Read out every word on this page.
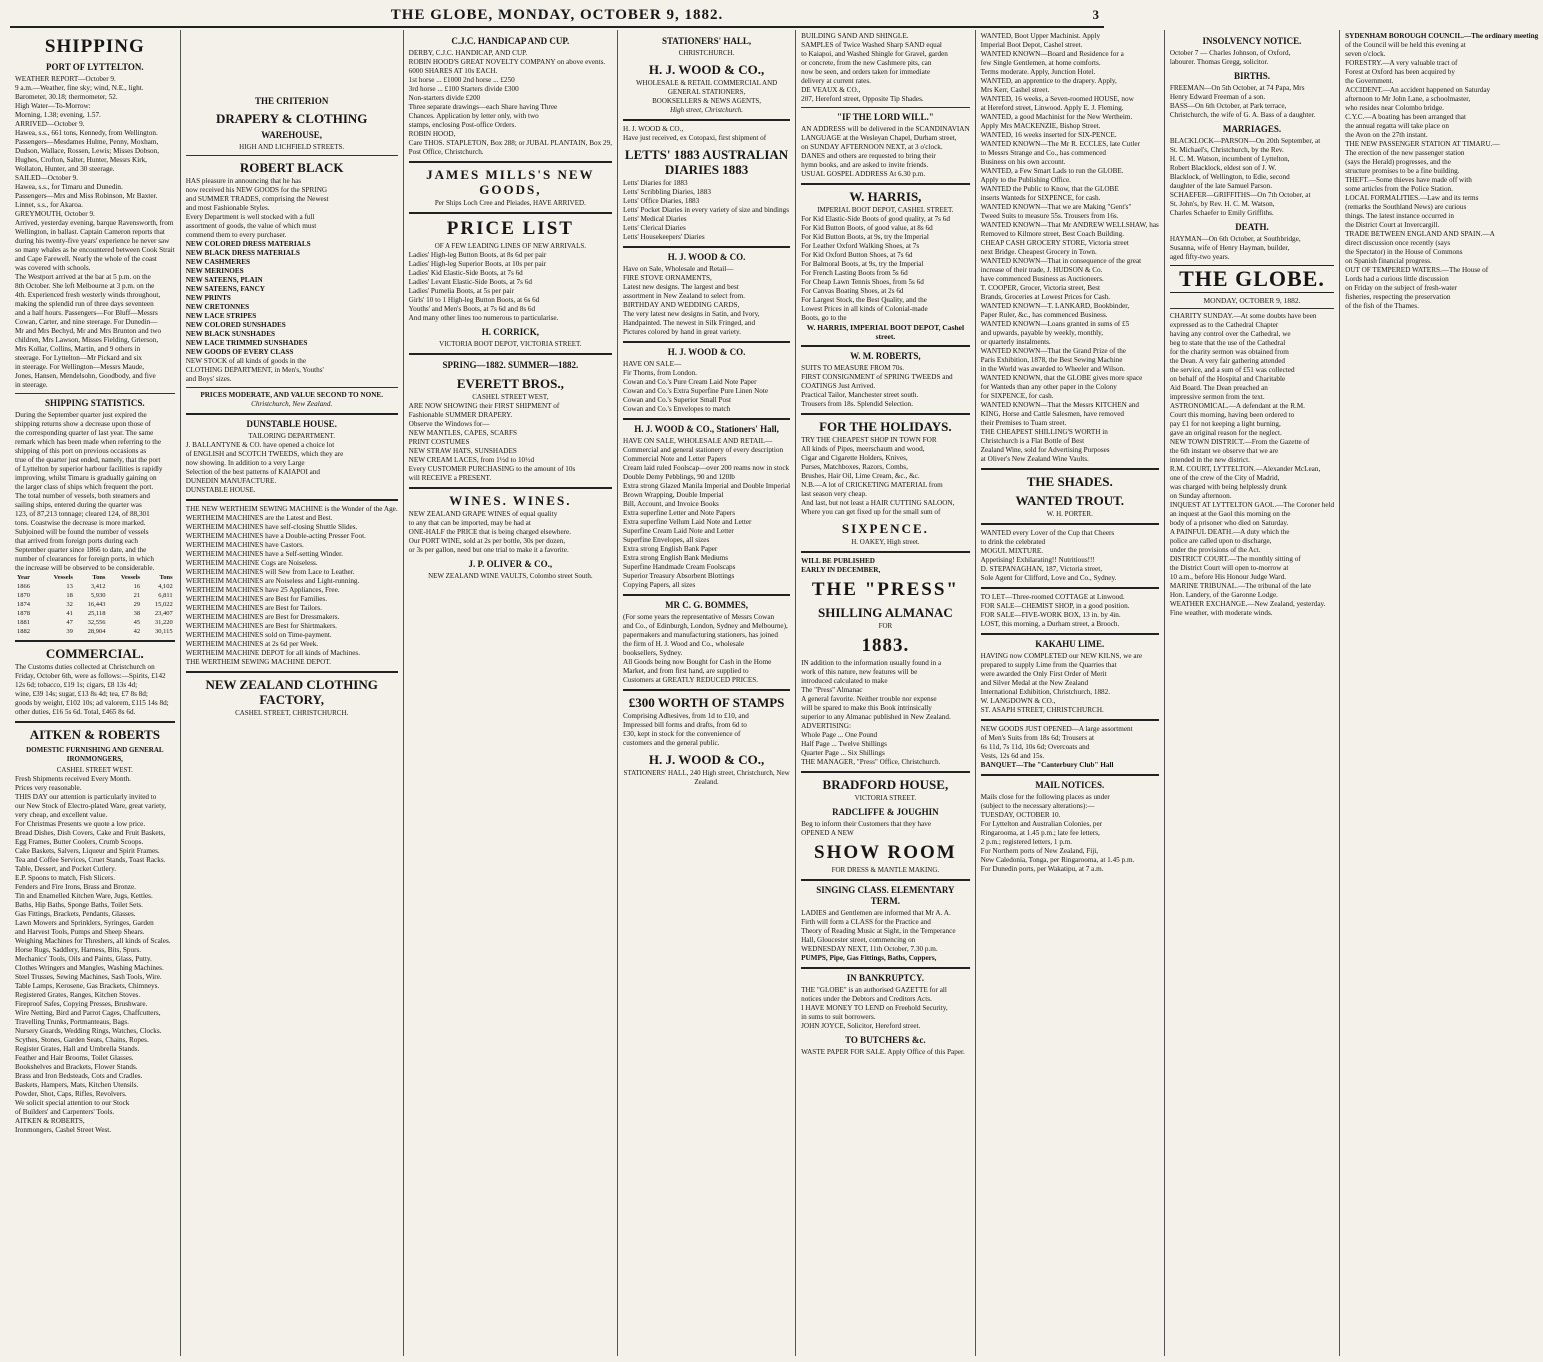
THE GLOBE, MONDAY, OCTOBER 9, 1882.	3
SHIPPING
PORT OF LYTTELTON.
WEATHER REPORT—October 9.
9 a.m.—Weather, fine sky; wind, N.E., light.
Barometer, 30.18; thermometer, 52.
High Water—To-Morrow:
Morning, 1.38; evening, 1.57.
ARRIVED—October 9.
Hawea, s.s., 661 tons, Kennedy, from Wellington.
Passengers—Mesdames Hulme, Penny, Moxham,
Dudson, Wallace, Rossen, Lewis; Misses Dobson,
Hughes, Crofton, Salter, Hunter, Messrs Kirk,
Wollaton, Hunter, and 30 steerage.
SAILED—October 9.
Hawea, s.s., for Timaru and Dunedin.
Passengers—Mrs and Miss Robinson, Mr Baxter.
Linnet, s.s., for Akaroa.
GREYMOUTH, October 9.
Arrived, yesterday evening, barque Ravensworth, from
Wellington, in ballast. Captain Cameron reports that
during his twenty-five years' experience he never saw
so many whales as he encountered between Cook Strait
and Cape Farewell. Nearly the whole of the coast
was covered with schools.
The Westport arrived at the bar at 5 p.m. on the
8th October. She left Melbourne at 3 p.m. on the
4th. Experienced fresh westerly winds throughout,
making the splendid run of three days seventeen
and a half hours. Passengers—For Bluff—Messrs
Cowan, Carter, and nine steerage. For Dunedin—
Mr and Mrs Bechyd, Mr and Mrs Brunton and two
children, Mrs Lawson, Misses Fielding, Grierson,
Mrs Kollar, Collins, Martin, and 9 others in
steerage. For Lyttelton—Mr Pickard and six
in steerage. For Wellington—Messrs Maude,
Jones, Hansen, Mendelsohn, Goodbody, and five
in steerage.
SHIPPING STATISTICS.
During the September quarter just expired the
shipping returns show a decrease upon those of
the corresponding quarter of last year. The same
remark which has been made when referring to the
shipping of this port on previous occasions as
true of the quarter just ended, namely, that the port
of Lyttelton by superior harbour facilities is rapidly
improving, whilst Timaru is gradually gaining on
the larger class of ships which frequent the port.
The total number of vessels, both steamers and
sailing ships, entered during the quarter was
123, of 87,213 tonnage; cleared 124, of 88,301
tons. Coastwise the decrease is more marked.
Subjoined will be found the number of vessels
that arrived from foreign ports during each
September quarter since 1866 to date, and the
number of clearances for foreign ports, in which
the increase will be observed to be considerable.
Year	Vessels	Tons	Vessels	Tons
1866	13	3,412	16	4,102
1870	18	5,930	21	6,811
1874	32	16,443	29	15,022
1878	41	25,118	38	23,407
1881	47	32,556	45	31,220
1882	39	28,904	42	30,115
COMMERCIAL.
The Customs duties collected at Christchurch on
Friday, October 6th, were as follows:—Spirits, £142
12s 6d; tobacco, £19 1s; cigars, £8 13s 4d;
wine, £39 14s; sugar, £13 8s 4d; tea, £7 8s 8d;
goods by weight, £102 10s; ad valorem, £115 14s 8d;
other duties, £16 5s 6d. Total, £465 8s 6d.
AITKEN & ROBERTS
DOMESTIC FURNISHING AND GENERAL IRONMONGERS,
CASHEL STREET WEST.
Fresh Shipments received Every Month.
Prices very reasonable.
THIS DAY our attention is particularly invited to
our New Stock of Electro-plated Ware, great variety,
very cheap, and excellent value.
For Christmas Presents we quote a low price.
Bread Dishes, Dish Covers, Cake and Fruit Baskets,
Egg Frames, Butter Coolers, Crumb Scoops.
Cake Baskets, Salvers, Liqueur and Spirit Frames.
Tea and Coffee Services, Cruet Stands, Toast Racks.
Table, Dessert, and Pocket Cutlery.
E.P. Spoons to match, Fish Slicers.
Fenders and Fire Irons, Brass and Bronze.
Tin and Enamelled Kitchen Ware, Jugs, Kettles.
Baths, Hip Baths, Sponge Baths, Toilet Sets.
Gas Fittings, Brackets, Pendants, Glasses.
Lawn Mowers and Sprinklers, Syringes, Garden
and Harvest Tools, Pumps and Sheep Shears.
Weighing Machines for Threshers, all kinds of Scales.
Horse Rugs, Saddlery, Harness, Bits, Spurs.
Mechanics' Tools, Oils and Paints, Glass, Putty.
Clothes Wringers and Mangles, Washing Machines.
Steel Trusses, Sewing Machines, Sash Tools, Wire.
Table Lamps, Kerosene, Gas Brackets, Chimneys.
Registered Grates, Ranges, Kitchen Stoves.
Fireproof Safes, Copying Presses, Brushware.
Wire Netting, Bird and Parrot Cages, Chaffcutters,
Travelling Trunks, Portmanteaus, Bags.
Nursery Guards, Wedding Rings, Watches, Clocks.
Scythes, Stones, Garden Seats, Chains, Ropes.
Register Grates, Hall and Umbrella Stands.
Feather and Hair Brooms, Toilet Glasses.
Bookshelves and Brackets, Flower Stands.
Brass and Iron Bedsteads, Cots and Cradles.
Baskets, Hampers, Mats, Kitchen Utensils.
Powder, Shot, Caps, Rifles, Revolvers.
We solicit special attention to our Stock
of Builders' and Carpenters' Tools.
AITKEN & ROBERTS,
Ironmongers, Cashel Street West.
THE CRITERION
DRAPERY & CLOTHING
WAREHOUSE,
HIGH AND LICHFIELD STREETS.
ROBERT BLACK
HAS pleasure in announcing that he has
now received his NEW GOODS for the SPRING
and SUMMER TRADES, comprising the Newest
and most Fashionable Styles.
Every Department is well stocked with a full
assortment of goods, the value of which must
commend them to every purchaser.
NEW COLORED DRESS MATERIALS
NEW BLACK DRESS MATERIALS
NEW CASHMERES
NEW MERINOES
NEW SATEENS, PLAIN
NEW SATEENS, FANCY
NEW PRINTS
NEW CRETONNES
NEW LACE STRIPES
NEW COLORED SUNSHADES
NEW BLACK SUNSHADES
NEW LACE TRIMMED SUNSHADES
NEW GOODS OF EVERY CLASS
NEW STOCK of all kinds of goods in the
CLOTHING DEPARTMENT, in Men's, Youths'
and Boys' sizes.
PRICES MODERATE, AND VALUE SECOND TO NONE.
Christchurch, New Zealand.
DUNSTABLE HOUSE.
TAILORING DEPARTMENT.
J. BALLANTYNE & CO. have opened a choice lot
of ENGLISH and SCOTCH TWEEDS, which they are
now showing. In addition to a very Large
Selection of the best patterns of KAIAPOI and
DUNEDIN MANUFACTURE.
DUNSTABLE HOUSE.
THE NEW WERTHEIM SEWING MACHINE is the Wonder of the Age.
WERTHEIM MACHINES are the Latest and Best.
WERTHEIM MACHINES have self-closing Shuttle Slides.
WERTHEIM MACHINES have a Double-acting Presser Foot.
WERTHEIM MACHINES have Castors.
WERTHEIM MACHINES have a Self-setting Winder.
WERTHEIM MACHINE Cogs are Noiseless.
WERTHEIM MACHINES will Sew from Lace to Leather.
WERTHEIM MACHINES are Noiseless and Light-running.
WERTHEIM MACHINES have 25 Appliances, Free.
WERTHEIM MACHINES are Best for Families.
WERTHEIM MACHINES are Best for Tailors.
WERTHEIM MACHINES are Best for Dressmakers.
WERTHEIM MACHINES are Best for Shirtmakers.
WERTHEIM MACHINES sold on Time-payment.
WERTHEIM MACHINES at 2s 6d per Week.
WERTHEIM MACHINE DEPOT for all kinds of Machines.
THE WERTHEIM SEWING MACHINE DEPOT.
NEW ZEALAND CLOTHING FACTORY,
CASHEL STREET, CHRISTCHURCH.
C.J.C. HANDICAP AND CUP.
DERBY, C.J.C. HANDICAP, AND CUP.
ROBIN HOOD'S GREAT NOVELTY COMPANY on above events.
6000 SHARES AT 10s EACH.
1st horse ... £1000 2nd horse ... £250
3rd horse ... £100 Starters divide £300
Non-starters divide £200
Three separate drawings—each Share having Three
Chances. Application by letter only, with two
stamps, enclosing Post-office Orders.
ROBIN HOOD,
Care THOS. STAPLETON, Box 288; or JUBAL PLANTAIN, Box 29,
Post Office, Christchurch.
JAMES MILLS'S NEW GOODS,
Per Ships Loch Cree and Pleiades, HAVE ARRIVED.
PRICE LIST
OF A FEW LEADING LINES OF NEW ARRIVALS.
Ladies' High-leg Button Boots, at 8s 6d per pair
Ladies' High-leg Superior Boots, at 10s per pair
Ladies' Kid Elastic-Side Boots, at 7s 6d
Ladies' Levant Elastic-Side Boots, at 7s 6d
Ladies' Pumelia Boots, at 5s per pair
Girls' 10 to 1 High-leg Button Boots, at 6s 6d
Youths' and Men's Boots, at 7s 6d and 8s 6d
And many other lines too numerous to particularise.
H. CORRICK,
VICTORIA BOOT DEPOT, VICTORIA STREET.
SPRING—1882. SUMMER—1882.
EVERETT BROS.,
CASHEL STREET WEST,
ARE NOW SHOWING their FIRST SHIPMENT of
Fashionable SUMMER DRAPERY.
Observe the Windows for—
NEW MANTLES, CAPES, SCARFS
PRINT COSTUMES
NEW STRAW HATS, SUNSHADES
NEW CREAM LACES, from 1½d to 10½d
Every CUSTOMER PURCHASING to the amount of 10s
will RECEIVE a PRESENT.
WINES. WINES.
NEW ZEALAND GRAPE WINES of equal quality
to any that can be imported, may be had at
ONE-HALF the PRICE that is being charged elsewhere.
Our PORT WINE, sold at 2s per bottle, 30s per dozen,
or 3s per gallon, need but one trial to make it a favorite.
J. P. OLIVER & CO.,
NEW ZEALAND WINE VAULTS, Colombo street South.
STATIONERS' HALL,
CHRISTCHURCH.
H. J. WOOD & CO.,
WHOLESALE & RETAIL COMMERCIAL AND GENERAL STATIONERS,
BOOKSELLERS & NEWS AGENTS,
High street, Christchurch.
H. J. WOOD & CO.,
Have just received, ex Cotopaxi, first shipment of
LETTS' 1883 AUSTRALIAN DIARIES 1883
Letts' Diaries for 1883
Letts' Scribbling Diaries, 1883
Letts' Office Diaries, 1883
Letts' Pocket Diaries in every variety of size and bindings
Letts' Medical Diaries
Letts' Clerical Diaries
Letts' Housekeepers' Diaries
H. J. WOOD & CO.
Have on Sale, Wholesale and Retail—
FIRE STOVE ORNAMENTS,
Latest new designs. The largest and best
assortment in New Zealand to select from.
BIRTHDAY AND WEDDING CARDS,
The very latest new designs in Satin, and Ivory,
Handpainted. The newest in Silk Fringed, and
Pictures colored by hand in great variety.
H. J. WOOD & CO.
HAVE ON SALE—
Fir Thorns, from London.
Cowan and Co.'s Pure Cream Laid Note Paper
Cowan and Co.'s Extra Superfine Pure Linen Note
Cowan and Co.'s Superior Small Post
Cowan and Co.'s Envelopes to match
H. J. WOOD & CO., Stationers' Hall,
HAVE ON SALE, WHOLESALE AND RETAIL—
Commercial and general stationery of every description
Commercial Note and Letter Papers
Cream laid ruled Foolscap—over 200 reams now in stock
Double Demy Pebblings, 90 and 120lb
Extra strong Glazed Manila Imperial and Double Imperial
Brown Wrapping, Double Imperial
Bill, Account, and Invoice Books
Extra superfine Letter and Note Papers
Extra superfine Vellum Laid Note and Letter
Superfine Cream Laid Note and Letter
Superfine Envelopes, all sizes
Extra strong English Bank Paper
Extra strong English Bank Mediums
Superfine Handmade Cream Foolscaps
Superior Treasury Absorbent Blottings
Copying Papers, all sizes
MR C. G. BOMMES,
(For some years the representative of Messrs Cowan
and Co., of Edinburgh, London, Sydney and Melbourne),
papermakers and manufacturing stationers, has joined
the firm of H. J. Wood and Co., wholesale
booksellers, Sydney.
All Goods being now Bought for Cash in the Home
Market, and from first hand, are supplied to
Customers at GREATLY REDUCED PRICES.
£300 WORTH OF STAMPS
Comprising Adhesives, from 1d to £10, and
Impressed bill forms and drafts, from 6d to
£30, kept in stock for the convenience of
customers and the general public.
H. J. WOOD & CO.,
STATIONERS' HALL, 240 High street, Christchurch, New Zealand.
BUILDING SAND AND SHINGLE.
SAMPLES of Twice Washed Sharp SAND equal
to Kaiapoi, and Washed Shingle for Gravel, garden
or concrete, from the new Cashmere pits, can
now be seen, and orders taken for immediate
delivery at current rates.
DE VEAUX & CO.,
207, Hereford street, Opposite Tip Shades.
"IF THE LORD WILL."
AN ADDRESS will be delivered in the SCANDINAVIAN
LANGUAGE at the Wesleyan Chapel, Durham street,
on SUNDAY AFTERNOON NEXT, at 3 o'clock.
DANES and others are requested to bring their
hymn books, and are asked to invite friends.
USUAL GOSPEL ADDRESS At 6.30 p.m.
W. HARRIS,
IMPERIAL BOOT DEPOT, CASHEL STREET.
For Kid Elastic-Side Boots of good quality, at 7s 6d
For Kid Button Boots, of good value, at 8s 6d
For Kid Button Boots, at 9s, try the Imperial
For Leather Oxford Walking Shoes, at 7s
For Kid Oxford Button Shoes, at 7s 6d
For Balmoral Boots, at 9s, try the Imperial
For French Lasting Boots from 5s 6d
For Cheap Lawn Tennis Shoes, from 5s 6d
For Canvas Boating Shoes, at 2s 6d
For Largest Stock, the Best Quality, and the
Lowest Prices in all kinds of Colonial-made
Boots, go to the
W. HARRIS, IMPERIAL BOOT DEPOT, Cashel street.
W. M. ROBERTS,
SUITS TO MEASURE FROM 70s.
FIRST CONSIGNMENT of SPRING TWEEDS and
COATINGS Just Arrived.
Practical Tailor, Manchester street south.
Trousers from 18s. Splendid Selection.
FOR THE HOLIDAYS.
TRY THE CHEAPEST SHOP IN TOWN FOR
All kinds of Pipes, meerschaum and wood,
Cigar and Cigarette Holders, Knives,
Purses, Matchboxes, Razors, Combs,
Brushes, Hair Oil, Lime Cream, &c., &c.
N.B.—A lot of CRICKETING MATERIAL from
last season very cheap.
And last, but not least a HAIR CUTTING SALOON,
Where you can get fixed up for the small sum of
SIXPENCE.
H. OAKEY, High street.
WILL BE PUBLISHED
EARLY IN DECEMBER,
THE "PRESS"
SHILLING ALMANAC
FOR
1883.
IN addition to the information usually found in a
work of this nature, new features will be
introduced calculated to make
The "Press" Almanac
A general favorite. Neither trouble nor expense
will be spared to make this Book intrinsically
superior to any Almanac published in New Zealand.
ADVERTISING:
Whole Page ... One Pound
Half Page ... Twelve Shillings
Quarter Page ... Six Shillings
THE MANAGER, "Press" Office, Christchurch.
BRADFORD HOUSE,
VICTORIA STREET.
RADCLIFFE & JOUGHIN
Beg to inform their Customers that they have
OPENED A NEW
SHOW ROOM
FOR DRESS & MANTLE MAKING.
SINGING CLASS. ELEMENTARY TERM.
LADIES and Gentlemen are informed that Mr A. A.
Firth will form a CLASS for the Practice and
Theory of Reading Music at Sight, in the Temperance
Hall, Gloucester street, commencing on
WEDNESDAY NEXT, 11th October, 7.30 p.m.
PUMPS, Pipe, Gas Fittings, Baths, Coppers,
IN BANKRUPTCY.
THE "GLOBE" is an authorised GAZETTE for all
notices under the Debtors and Creditors Acts.
I HAVE MONEY TO LEND on Freehold Security,
in sums to suit borrowers.
JOHN JOYCE, Solicitor, Hereford street.
TO BUTCHERS &c.
WASTE PAPER FOR SALE. Apply Office of this Paper.
WANTED, Boot Upper Machinist. Apply
Imperial Boot Depot, Cashel street.
WANTED KNOWN—Board and Residence for a
few Single Gentlemen, at home comforts.
Terms moderate. Apply, Junction Hotel.
WANTED, an apprentice to the drapery. Apply,
Mrs Kerr, Cashel street.
WANTED, 16 weeks, a Seven-roomed HOUSE, now
at Hereford street, Linwood. Apply E. J. Fleming.
WANTED, a good Machinist for the New Wertheim.
Apply Mrs MACKENZIE, Bishop Street.
WANTED, 16 weeks inserted for SIX-PENCE.
WANTED KNOWN—The Mr R. ECCLES, late Cutler
to Messrs Strange and Co., has commenced
Business on his own account.
WANTED, a Few Smart Lads to run the GLOBE.
Apply to the Publishing Office.
WANTED the Public to Know, that the GLOBE
inserts Wanteds for SIXPENCE, for cash.
WANTED KNOWN—That we are Making "Gent's"
Tweed Suits to measure 55s. Trousers from 16s.
WANTED KNOWN—That Mr ANDREW WELLSHAW, has
Removed to Kilmore street, Best Coach Building.
CHEAP CASH GROCERY STORE, Victoria street
next Bridge. Cheapest Grocery in Town.
WANTED KNOWN—That in consequence of the great
increase of their trade, J. HUDSON & Co.
have commenced Business as Auctioneers.
T. COOPER, Grocer, Victoria street, Best
Brands, Groceries at Lowest Prices for Cash.
WANTED KNOWN—T. LANKARD, Bookbinder,
Paper Ruler, &c., has commenced Business.
WANTED KNOWN—Loans granted in sums of £5
and upwards, payable by weekly, monthly,
or quarterly instalments.
WANTED KNOWN—That the Grand Prize of the
Paris Exhibition, 1878, the Best Sewing Machine
in the World was awarded to Wheeler and Wilson.
WANTED KNOWN, that the GLOBE gives more space
for Wanteds than any other paper in the Colony
for SIXPENCE, for cash.
WANTED KNOWN—That the Messrs KITCHEN and
KING, Horse and Cattle Salesmen, have removed
their Premises to Tuam street.
THE CHEAPEST SHILLING'S WORTH in
Christchurch is a Flat Bottle of Best
Zealand Wine, sold for Advertising Purposes
at Oliver's New Zealand Wine Vaults.
THE SHADES.
WANTED TROUT.
W. H. PORTER.
WANTED every Lover of the Cup that Cheers
to drink the celebrated
MOGUL MIXTURE.
Appetising! Exhilarating!! Nutritious!!!
D. STEPANAGHAN, 187, Victoria street,
Sole Agent for Clifford, Love and Co., Sydney.
TO LET—Three-roomed COTTAGE at Linwood.
FOR SALE—CHEMIST SHOP, in a good position.
FOR SALE—FIVE-WORK BOX, 13 in. by 4in.
LOST, this morning, a Durham street, a Brooch.
KAKAHU LIME.
HAVING now COMPLETED our NEW KILNS, we are
prepared to supply Lime from the Quarries that
were awarded the Only First Order of Merit
and Silver Medal at the New Zealand
International Exhibition, Christchurch, 1882.
W. LANGDOWN & CO.,
ST. ASAPH STREET, CHRISTCHURCH.
NEW GOODS JUST OPENED—A large assortment
of Men's Suits from 18s 6d; Trousers at
6s 11d, 7s 11d, 10s 6d; Overcoats and
Vests, 12s 6d and 15s.
BANQUET—The "Canterbury Club" Hall
MAIL NOTICES.
Mails close for the following places as under
(subject to the necessary alterations):—
TUESDAY, OCTOBER 10.
For Lyttelton and Australian Colonies, per
Ringarooma, at 1.45 p.m.; late fee letters,
2 p.m.; registered letters, 1 p.m.
For Northern ports of New Zealand, Fiji,
New Caledonia, Tonga, per Ringarooma, at 1.45 p.m.
For Dunedin ports, per Wakatipu, at 7 a.m.
INSOLVENCY NOTICE.
October 7 — Charles Johnson, of Oxford,
labourer. Thomas Gregg, solicitor.
BIRTHS.
FREEMAN—On 5th October, at 74 Papa, Mrs
Henry Edward Freeman of a son.
BASS—On 6th October, at Park terrace,
Christchurch, the wife of G. A. Bass of a daughter.
MARRIAGES.
BLACKLOCK—PARSON—On 20th September, at
St. Michael's, Christchurch, by the Rev.
H. C. M. Watson, incumbent of Lyttelton,
Robert Blacklock, eldest son of J. W.
Blacklock, of Wellington, to Edie, second
daughter of the late Samuel Parson.
SCHAEFER—GRIFFITHS—On 7th October, at
St. John's, by Rev. H. C. M. Watson,
Charles Schaefer to Emily Griffiths.
DEATH.
HAYMAN—On 6th October, at Southbridge,
Susanna, wife of Henry Hayman, builder,
aged fifty-two years.
THE GLOBE.
MONDAY, OCTOBER 9, 1882.
CHARITY SUNDAY.—At some doubts have been
expressed as to the Cathedral Chapter
having any control over the Cathedral, we
beg to state that the use of the Cathedral
for the charity sermon was obtained from
the Dean. A very fair gathering attended
the service, and a sum of £51 was collected
on behalf of the Hospital and Charitable
Aid Board. The Dean preached an
impressive sermon from the text.
ASTRONOMICAL.—A defendant at the R.M.
Court this morning, having been ordered to
pay £1 for not keeping a light burning,
gave an original reason for the neglect.
NEW TOWN DISTRICT.—From the Gazette of
the 6th instant we observe that we are
intended in the new district.
R.M. COURT, LYTTELTON.—Alexander McLean,
one of the crew of the City of Madrid,
was charged with being helplessly drunk
on Sunday afternoon.
INQUEST AT LYTTELTON GAOL.—The Coroner held
an inquest at the Gaol this morning on the
body of a prisoner who died on Saturday.
A PAINFUL DEATH.—A duty which the
police are called upon to discharge,
under the provisions of the Act.
DISTRICT COURT.—The monthly sitting of
the District Court will open to-morrow at
10 a.m., before His Honour Judge Ward.
MARINE TRIBUNAL.—The tribunal of the late
Hon. Landery, of the Garonne Lodge.
WEATHER EXCHANGE.—New Zealand, yesterday.
Fine weather, with moderate winds.
SYDENHAM BOROUGH COUNCIL.—The ordinary meeting
of the Council will be held this evening at
seven o'clock.
FORESTRY.—A very valuable tract of
Forest at Oxford has been acquired by
the Government.
ACCIDENT.—An accident happened on Saturday
afternoon to Mr John Lane, a schoolmaster,
who resides near Colombo bridge.
C.Y.C.—A boating has been arranged that
the annual regatta will take place on
the Avon on the 27th instant.
THE NEW PASSENGER STATION AT TIMARU.—
The erection of the new passenger station
(says the Herald) progresses, and the
structure promises to be a fine building.
THEFT.—Some thieves have made off with
some articles from the Police Station.
LOCAL FORMALITIES.—Law and its terms
(remarks the Southland News) are curious
things. The latest instance occurred in
the District Court at Invercargill.
TRADE BETWEEN ENGLAND AND SPAIN.—A
direct discussion once recently (says
the Spectator) in the House of Commons
on Spanish financial progress.
OUT OF TEMPERED WATERS.—The House of
Lords had a curious little discussion
on Friday on the subject of fresh-water
fisheries, respecting the preservation
of the fish of the Thames.
